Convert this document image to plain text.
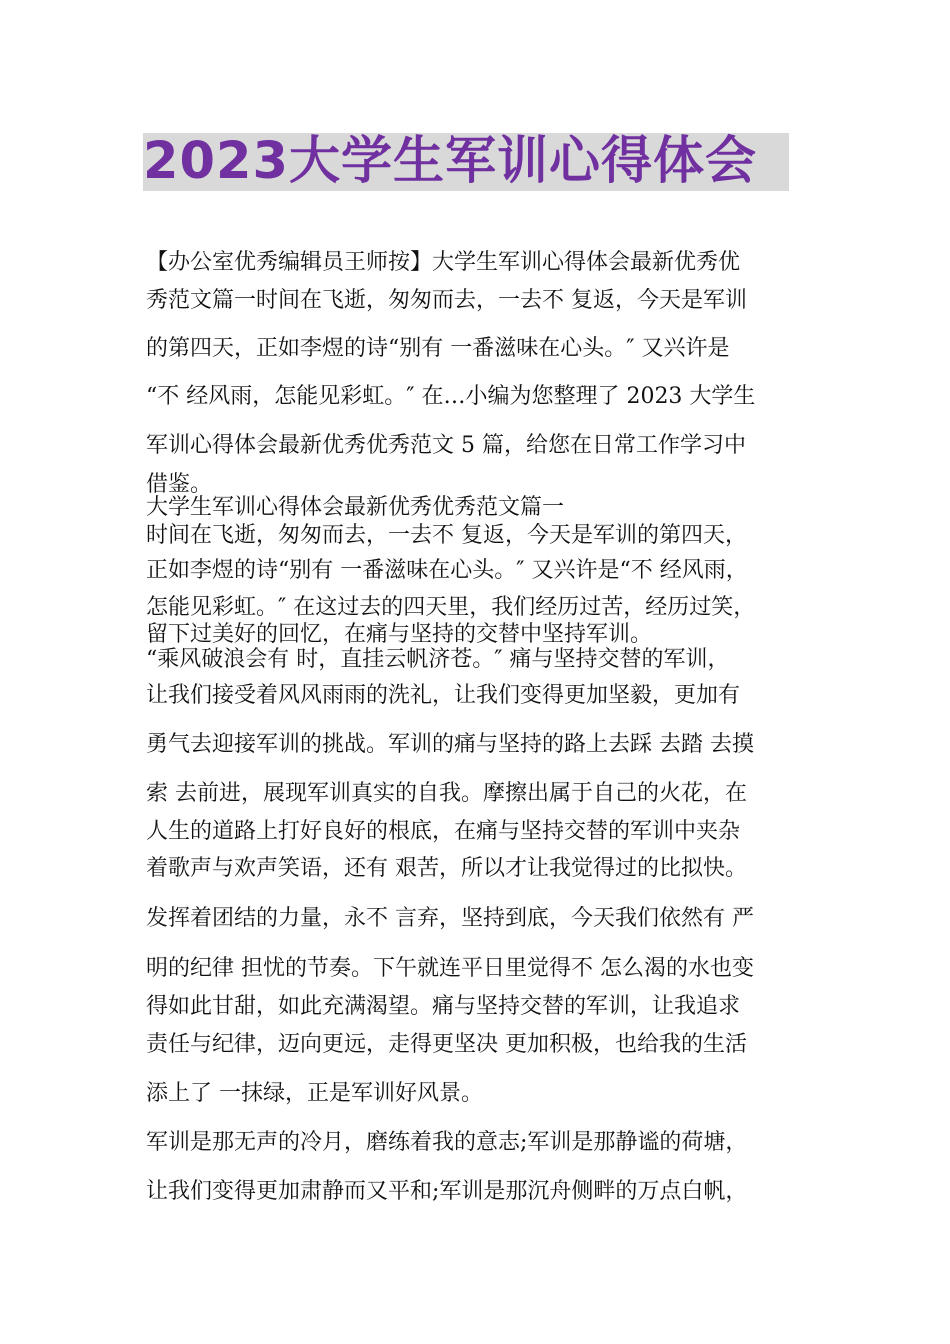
2023大学生军训心得体会

【办公室优秀编辑员王师按】大学生军训心得体会最新优秀优

秀范文篇一时间在飞逝，匆匆而去，一去不 复返，今天是军训

的第四天，正如李煜的诗“别有 一番滋味在心头。″ 又兴许是

“不 经风雨，怎能见彩虹。″ 在…小编为您整理了 2023 大学生

军训心得体会最新优秀优秀范文 5 篇，给您在日常工作学习中

借鉴。

大学生军训心得体会最新优秀优秀范文篇一

时间在飞逝，匆匆而去，一去不 复返，今天是军训的第四天，

正如李煜的诗“别有 一番滋味在心头。″ 又兴许是“不 经风雨，

怎能见彩虹。″ 在这过去的四天里，我们经历过苦，经历过笑，

留下过美好的回忆，在痛与坚持的交替中坚持军训。

“乘风破浪会有 时，直挂云帆济苍。″ 痛与坚持交替的军训，

让我们接受着风风雨雨的洗礼，让我们变得更加坚毅，更加有

勇气去迎接军训的挑战。军训的痛与坚持的路上去踩 去踏 去摸

索 去前进，展现军训真实的自我。摩擦出属于自己的火花，在

人生的道路上打好良好的根底，在痛与坚持交替的军训中夹杂

着歌声与欢声笑语，还有 艰苦，所以才让我觉得过的比拟快。

发挥着团结的力量，永不 言弃，坚持到底，今天我们依然有 严

明的纪律 担忧的节奏。下午就连平日里觉得不 怎么渴的水也变

得如此甘甜，如此充满渴望。痛与坚持交替的军训，让我追求

责任与纪律，迈向更远，走得更坚决 更加积极，也给我的生活

添上了 一抹绿，正是军训好风景。

军训是那无声的冷月，磨练着我的意志;军训是那静谧的荷塘，

让我们变得更加肃静而又平和;军训是那沉舟侧畔的万点白帆，
